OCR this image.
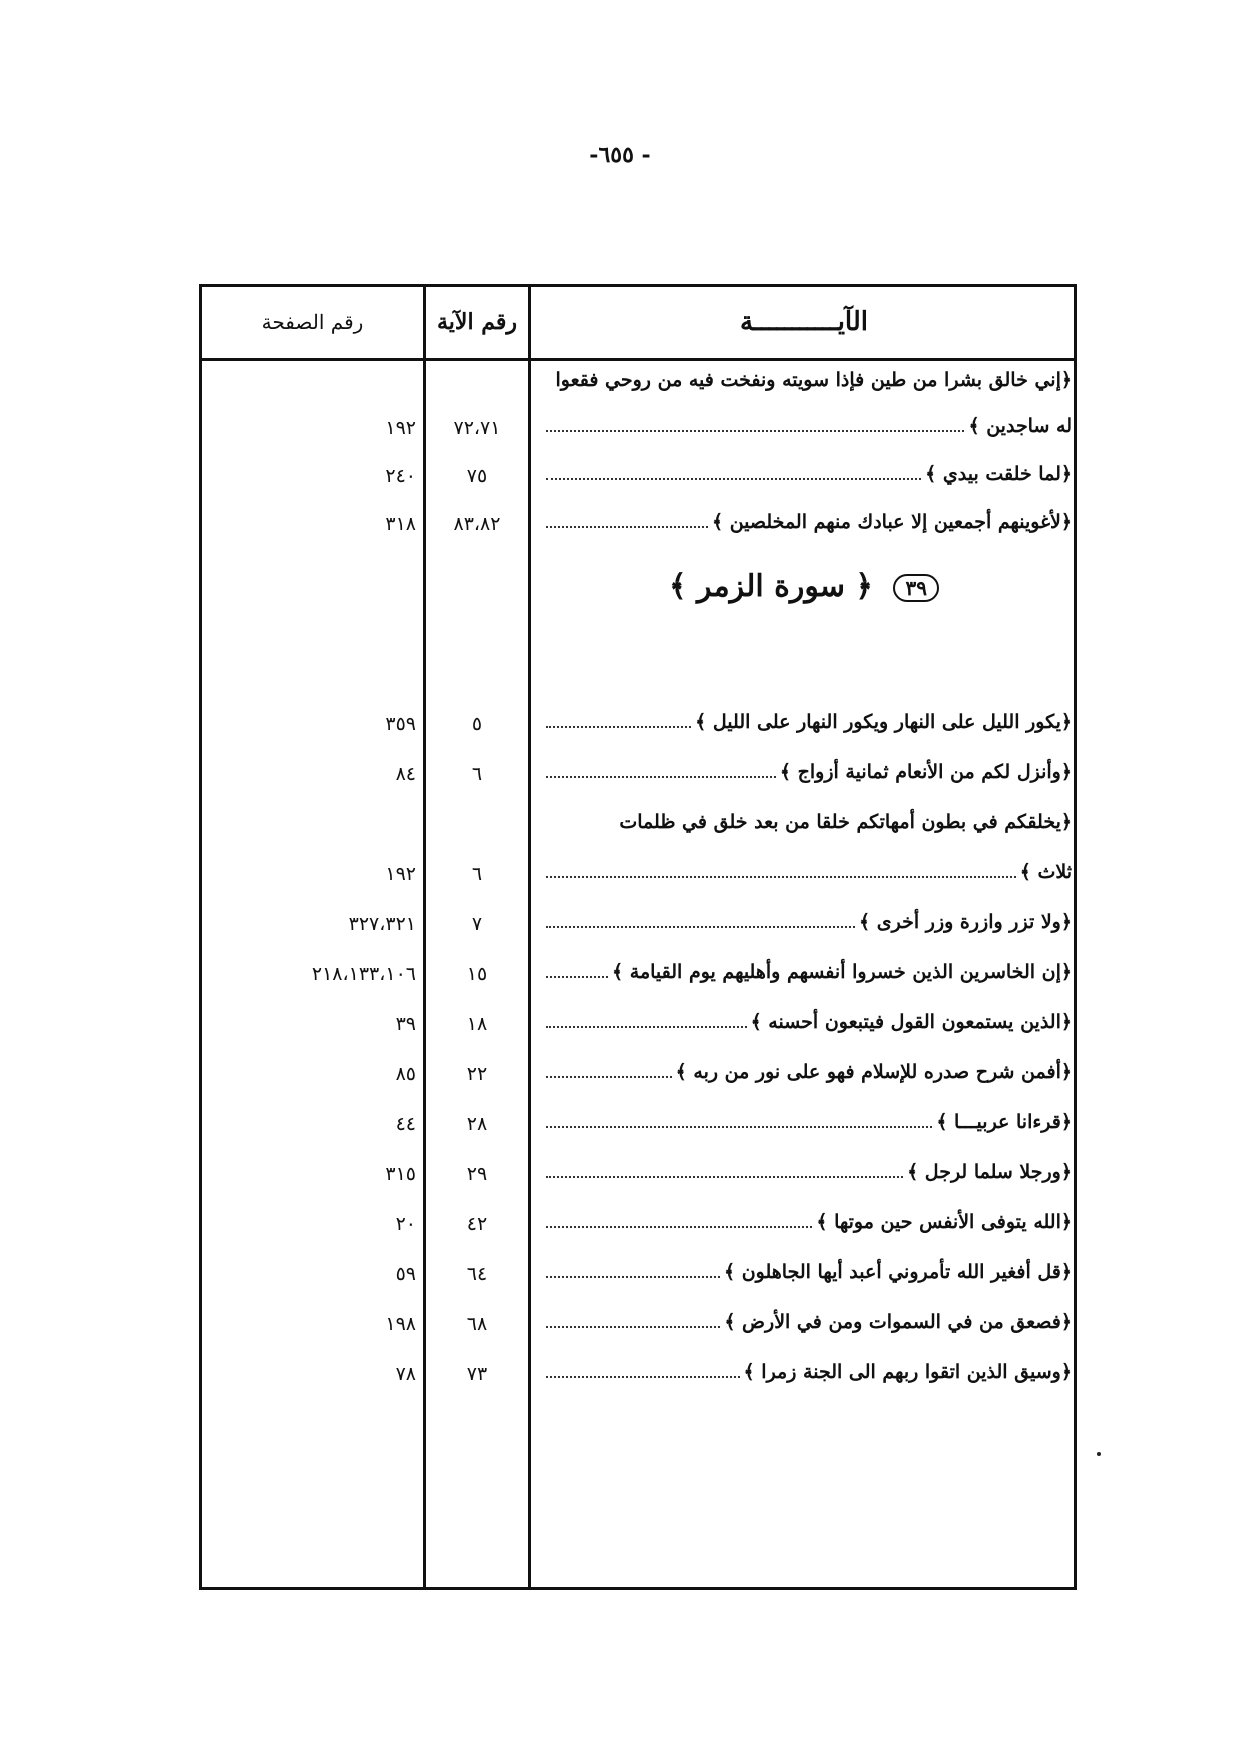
- ٦٥٥-
رقم الصفحة	رقم الآية	الآيـــــــــــة
﴿إني خالق بشرا من طين فإذا سويته ونفخت فيه من روحي فقعوا
١٩٢	٧٢،٧١	له ساجدين ﴾
٢٤٠	٧٥	﴿لما خلقت بيدي ﴾
٣١٨	٨٣،٨٢	﴿لأغوينهم أجمعين إلا عبادك منهم المخلصين ﴾
٣٩ ﴿ سورة الزمر ﴾
٣٥٩	٥	﴿يكور الليل على النهار ويكور النهار على الليل ﴾
٨٤	٦	﴿وأنزل لكم من الأنعام ثمانية أزواج ﴾
﴿يخلقكم في بطون أمهاتكم خلقا من بعد خلق في ظلمات
١٩٢	٦	ثلاث ﴾
٣٢٧،٣٢١	٧	﴿ولا تزر وازرة وزر أخرى ﴾
٢١٨،١٣٣،١٠٦	١٥	﴿إن الخاسرين الذين خسروا أنفسهم وأهليهم يوم القيامة ﴾
٣٩	١٨	﴿الذين يستمعون القول فيتبعون أحسنه ﴾
٨٥	٢٢	﴿أفمن شرح صدره للإسلام فهو على نور من ربه ﴾
٤٤	٢٨	﴿قرءانا عربيـــا ﴾
٣١٥	٢٩	﴿ورجلا سلما لرجل ﴾
٢٠	٤٢	﴿الله يتوفى الأنفس حين موتها ﴾
٥٩	٦٤	﴿قل أفغير الله تأمروني أعبد أيها الجاهلون ﴾
١٩٨	٦٨	﴿فصعق من في السموات ومن في الأرض ﴾
٧٨	٧٣	﴿وسيق الذين اتقوا ربهم الى الجنة زمرا ﴾
